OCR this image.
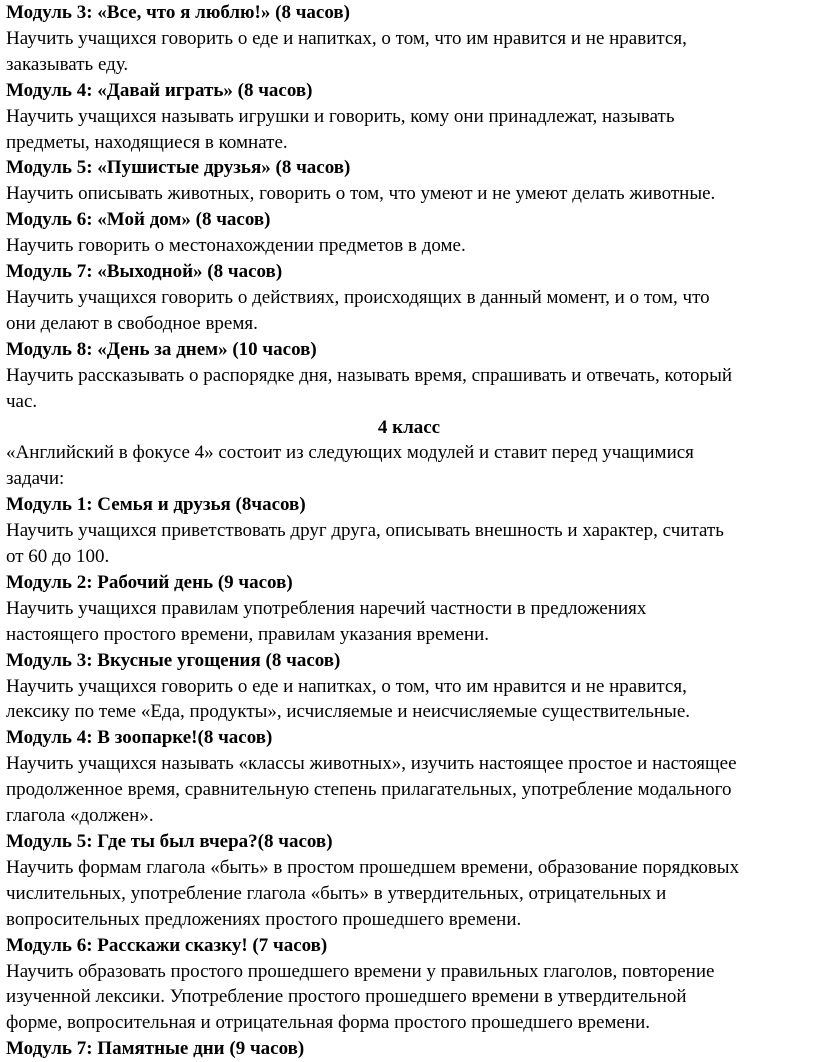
Модуль 3: «Все, что я люблю!» (8 часов)

Научить учащихся говорить о еде и напитках, о том, что им нравится и не нравится,
заказывать еду.

Модуль 4: «Давай играть» (8 часов)

Научить учащихся называть игрушки и говорить, кому они принадлежат, называть
предметы, находящиеся в комнате.

Модуль 5: «Пушистые друзья» (8 часов)

Научить описывать животных, говорить о том, что умеют и не умеют делать животные.

Модуль 6: «Мой дом» (8 часов)

Научить говорить о местонахождении предметов в доме.

Модуль 7: «Выходной» (8 часов)

Научить учащихся говорить о действиях, происходящих в данный момент, и о том, что
они делают в свободное время.

Модуль 8: «День за днем» (10 часов)

Научить рассказывать о распорядке дня, называть время, спрашивать и отвечать, который
час.

4 класс

«Английский в фокусе 4» состоит из следующих модулей и ставит перед учащимися
задачи:

Модуль 1: Семья и друзья (8часов)

Научить учащихся приветствовать друг друга, описывать внешность и характер, считать
от 60 до 100.

Модуль 2: Рабочий день (9 часов)

Научить учащихся правилам употребления наречий частности в предложениях
настоящего простого времени, правилам указания времени.

Модуль 3: Вкусные угощения (8 часов)

Научить учащихся говорить о еде и напитках, о том, что им нравится и не нравится,
лексику по теме «Еда, продукты», исчисляемые и неисчисляемые существительные.

Модуль 4: В зоопарке!(8 часов)

Научить учащихся называть «классы животных», изучить настоящее простое и настоящее
продолженное время, сравнительную степень прилагательных, употребление модального
глагола «должен».

Модуль 5: Где ты был вчера?(8 часов)

Научить формам глагола «быть» в простом прошедшем времени, образование порядковых
числительных, употребление глагола «быть» в утвердительных, отрицательных и
вопросительных предложениях простого прошедшего времени.

Модуль 6: Расскажи сказку! (7 часов)

Научить образовать простого прошедшего времени у правильных глаголов, повторение
изученной лексики. Употребление простого прошедшего времени в утвердительной
форме, вопросительная и отрицательная форма простого прошедшего времени.

Модуль 7: Памятные дни (9 часов)
